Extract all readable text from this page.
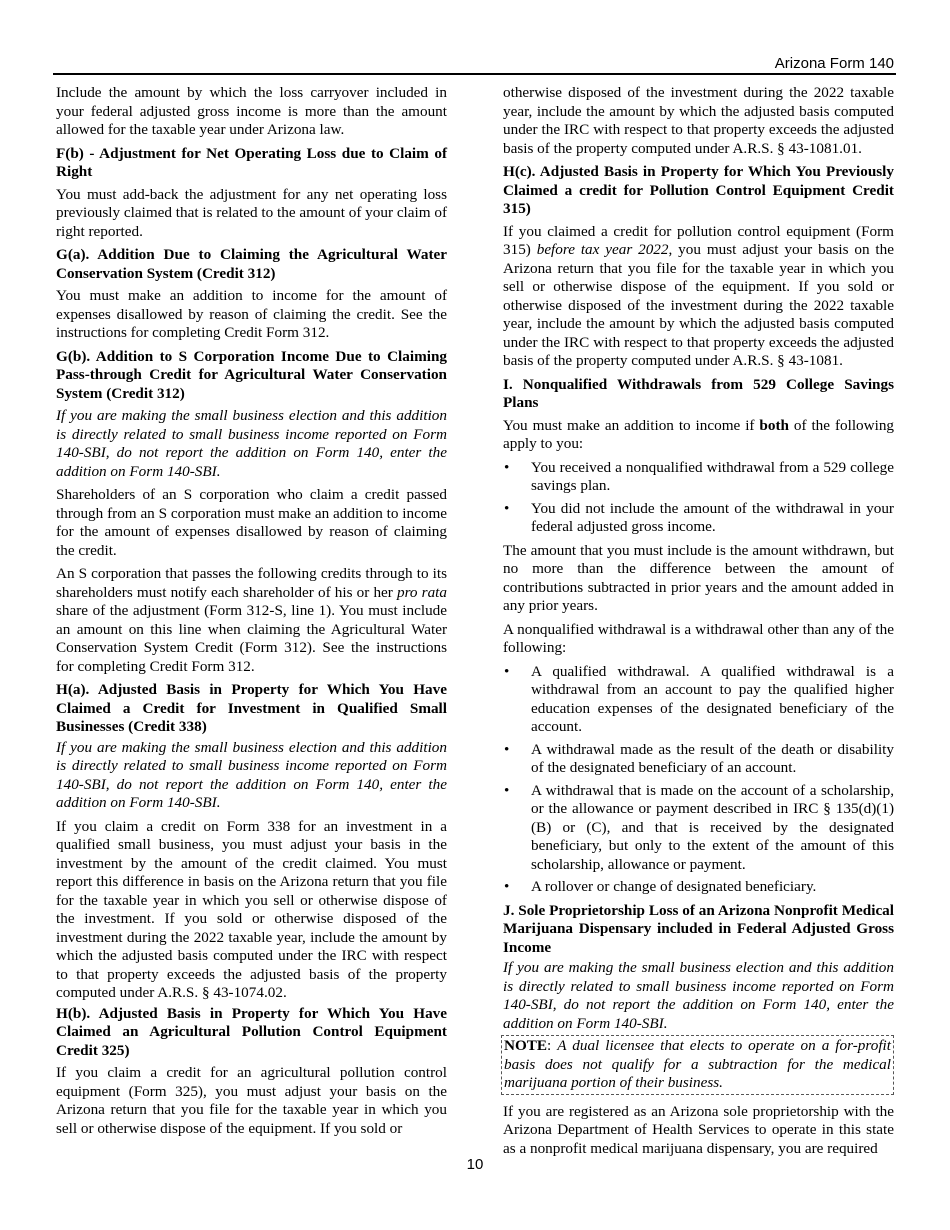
Arizona Form 140

Include the amount by which the loss carryover included in your federal adjusted gross income is more than the amount allowed for the taxable year under Arizona law.

F(b) - Adjustment for Net Operating Loss due to Claim of Right

You must add-back the adjustment for any net operating loss previously claimed that is related to the amount of your claim of right reported.

G(a). Addition Due to Claiming the Agricultural Water Conservation System (Credit 312)

You must make an addition to income for the amount of expenses disallowed by reason of claiming the credit. See the instructions for completing Credit Form 312.

G(b). Addition to S Corporation Income Due to Claiming Pass-through Credit for Agricultural Water Conservation System (Credit 312)

If you are making the small business election and this addition is directly related to small business income reported on Form 140-SBI, do not report the addition on Form 140, enter the addition on Form 140-SBI.

Shareholders of an S corporation who claim a credit passed through from an S corporation must make an addition to income for the amount of expenses disallowed by reason of claiming the credit.

An S corporation that passes the following credits through to its shareholders must notify each shareholder of his or her pro rata share of the adjustment (Form 312-S, line 1). You must include an amount on this line when claiming the Agricultural Water Conservation System Credit (Form 312). See the instructions for completing Credit Form 312.

H(a). Adjusted Basis in Property for Which You Have Claimed a Credit for Investment in Qualified Small Businesses (Credit 338)

If you are making the small business election and this addition is directly related to small business income reported on Form 140-SBI, do not report the addition on Form 140, enter the addition on Form 140-SBI.

If you claim a credit on Form 338 for an investment in a qualified small business, you must adjust your basis in the investment by the amount of the credit claimed. You must report this difference in basis on the Arizona return that you file for the taxable year in which you sell or otherwise dispose of the investment. If you sold or otherwise disposed of the investment during the 2022 taxable year, include the amount by which the adjusted basis computed under the IRC with respect to that property exceeds the adjusted basis of the property computed under A.R.S. § 43-1074.02.

H(b). Adjusted Basis in Property for Which You Have Claimed an Agricultural Pollution Control Equipment Credit 325)

If you claim a credit for an agricultural pollution control equipment (Form 325), you must adjust your basis on the Arizona return that you file for the taxable year in which you sell or otherwise dispose of the equipment. If you sold or

otherwise disposed of the investment during the 2022 taxable year, include the amount by which the adjusted basis computed under the IRC with respect to that property exceeds the adjusted basis of the property computed under A.R.S. § 43-1081.01.

H(c). Adjusted Basis in Property for Which You Previously Claimed a credit for Pollution Control Equipment Credit 315)

If you claimed a credit for pollution control equipment (Form 315) before tax year 2022, you must adjust your basis on the Arizona return that you file for the taxable year in which you sell or otherwise dispose of the equipment. If you sold or otherwise disposed of the investment during the 2022 taxable year, include the amount by which the adjusted basis computed under the IRC with respect to that property exceeds the adjusted basis of the property computed under A.R.S. § 43-1081.

I. Nonqualified Withdrawals from 529 College Savings Plans

You must make an addition to income if both of the following apply to you:

• You received a nonqualified withdrawal from a 529 college savings plan.
• You did not include the amount of the withdrawal in your federal adjusted gross income.

The amount that you must include is the amount withdrawn, but no more than the difference between the amount of contributions subtracted in prior years and the amount added in any prior years.

A nonqualified withdrawal is a withdrawal other than any of the following:

• A qualified withdrawal. A qualified withdrawal is a withdrawal from an account to pay the qualified higher education expenses of the designated beneficiary of the account.
• A withdrawal made as the result of the death or disability of the designated beneficiary of an account.
• A withdrawal that is made on the account of a scholarship, or the allowance or payment described in IRC § 135(d)(1)(B) or (C), and that is received by the designated beneficiary, but only to the extent of the amount of this scholarship, allowance or payment.
• A rollover or change of designated beneficiary.

J. Sole Proprietorship Loss of an Arizona Nonprofit Medical Marijuana Dispensary included in Federal Adjusted Gross Income

If you are making the small business election and this addition is directly related to small business income reported on Form 140-SBI, do not report the addition on Form 140, enter the addition on Form 140-SBI.

NOTE: A dual licensee that elects to operate on a for-profit basis does not qualify for a subtraction for the medical marijuana portion of their business.

If you are registered as an Arizona sole proprietorship with the Arizona Department of Health Services to operate in this state as a nonprofit medical marijuana dispensary, you are required

10
